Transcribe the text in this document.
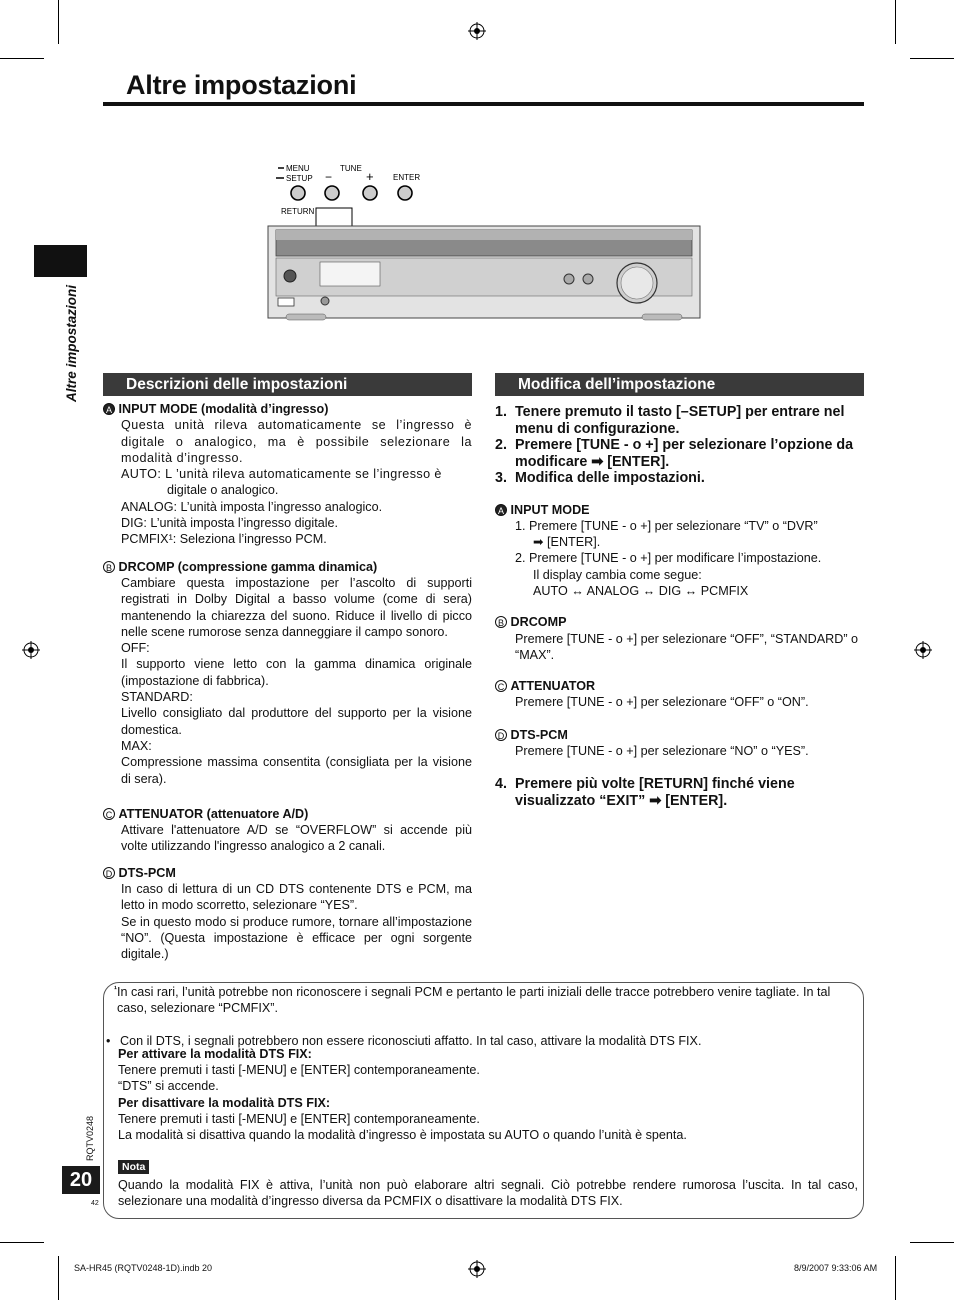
Altre impostazioni
Altre impostazioni
MENU
SETUP
TUNE
−	+ ENTER
RETURN
Descrizioni delle impostazioni
A INPUT MODE (modalità d’ingresso)
Questa unità rileva automaticamente se l’ingresso è digitale o analogico, ma è possibile selezionare la modalità d’ingresso.
AUTO: L ’unità rileva automaticamente se l’ingresso è
digitale o analogico.
ANALOG: L’unità imposta l’ingresso analogico.
DIG: L’unità imposta l’ingresso digitale.
PCMFIX¹: Seleziona l’ingresso PCM.
B DRCOMP (compressione gamma dinamica)
Cambiare questa impostazione per l’ascolto di supporti registrati in Dolby Digital a basso volume (come di sera) mantenendo la chiarezza del suono. Riduce il livello di picco nelle scene rumorose senza danneggiare il campo sonoro.
OFF:
Il supporto viene letto con la gamma dinamica originale (impostazione di fabbrica).
STANDARD:
Livello consigliato dal produttore del supporto per la visione domestica.
MAX:
Compressione massima consentita (consigliata per la visione di sera).
C ATTENUATOR (attenuatore A/D)
Attivare l'attenuatore A/D se “OVERFLOW” si accende più volte utilizzando l'ingresso analogico a 2 canali.
D DTS-PCM
In caso di lettura di un CD DTS contenente DTS e PCM, ma letto in modo scorretto, selezionare “YES”.
Se in questo modo si produce rumore, tornare all’impostazione “NO”. (Questa impostazione è efficace per ogni sorgente digitale.)
Modifica dell’impostazione
1. Tenere premuto il tasto [–SETUP] per entrare nel menu di configurazione.
2. Premere [TUNE - o +] per selezionare l’opzione da modificare ➡ [ENTER].
3. Modifica delle impostazioni.
A INPUT MODE
1. Premere [TUNE - o +] per selezionare “TV” o “DVR”
➡ [ENTER].
2. Premere [TUNE - o +] per modificare l’impostazione.
Il display cambia come segue:
AUTO ↔ ANALOG ↔ DIG ↔ PCMFIX
B DRCOMP
Premere [TUNE - o +] per selezionare “OFF”, “STANDARD” o “MAX”.
C ATTENUATOR
Premere [TUNE - o +] per selezionare “OFF” o “ON”.
D DTS-PCM
Premere [TUNE - o +] per selezionare “NO” o “YES”.
4. Premere più volte [RETURN] finché viene visualizzato “EXIT” ➡ [ENTER].
¹ In casi rari, l’unità potrebbe non riconoscere i segnali PCM e pertanto le parti iniziali delle tracce potrebbero venire tagliate. In tal caso, selezionare “PCMFIX”.
• Con il DTS, i segnali potrebbero non essere riconosciuti affatto. In tal caso, attivare la modalità DTS FIX.
Per attivare la modalità DTS FIX:
Tenere premuti i tasti [-MENU] e [ENTER] contemporaneamente.
“DTS” si accende.
Per disattivare la modalità DTS FIX:
Tenere premuti i tasti [-MENU] e [ENTER] contemporaneamente.
La modalità si disattiva quando la modalità d’ingresso è impostata su AUTO o quando l’unità è spenta.
Nota
Quando la modalità FIX è attiva, l’unità non può elaborare altri segnali. Ciò potrebbe rendere rumorosa l’uscita. In tal caso, selezionare una modalità d’ingresso diversa da PCMFIX o disattivare la modalità DTS FIX.
RQTV0248
20
42
SA-HR45 (RQTV0248-1D).indb 20	8/9/2007 9:33:06 AM
